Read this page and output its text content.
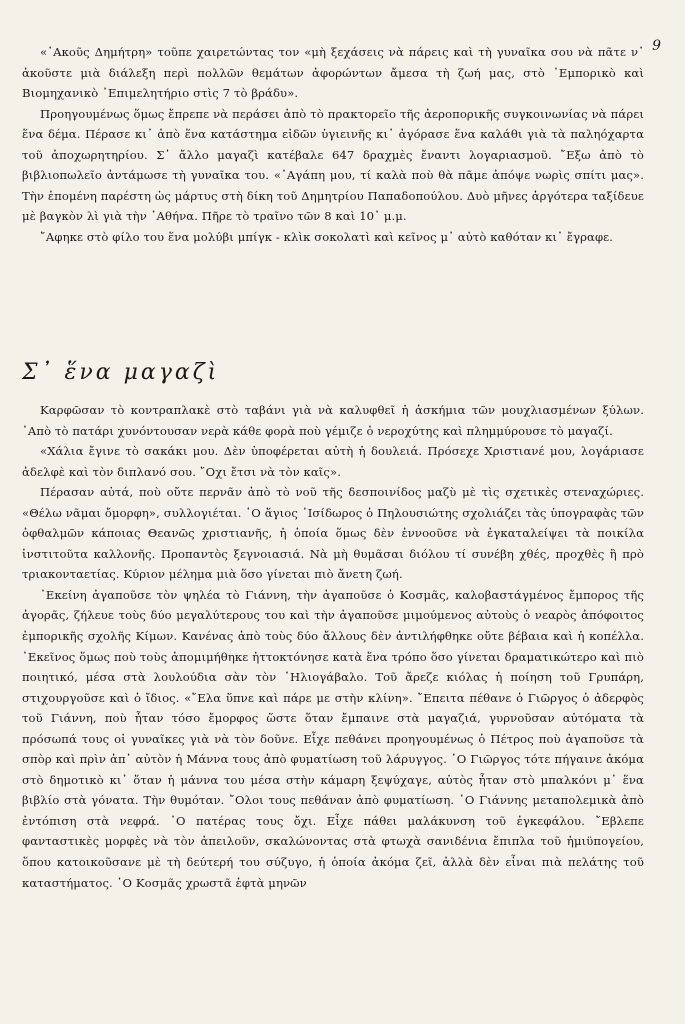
9

«῾Ακοῦς Δημήτρη» τοῦπε χαιρετώντας τον «μὴ ξεχάσεις νὰ πάρεις καὶ τὴ γυναῖκα σου νὰ πᾶτε ν᾿ ἀκοῦστε μιὰ διάλεξη περὶ πολλῶν θεμάτων ἀφορώντων ἄμεσα τὴ ζωή μας, στὸ ᾿Εμπορικὸ καὶ Βιομηχανικὸ ᾿Επιμελητήριο στὶς 7 τὸ βράδυ».

Προηγουμένως ὅμως ἔπρεπε νὰ περάσει ἀπὸ τὸ πρακτορεῖο τῆς ἀεροπορικῆς συγκοινωνίας νὰ πάρει ἕνα δέμα. Πέρασε κι᾿ ἀπὸ ἕνα κατάστημα εἰδῶν ὑγιεινῆς κι᾿ ἀγόρασε ἕνα καλάθι γιὰ τὰ παληόχαρτα τοῦ ἀποχωρητηρίου. Σ᾿ ἄλλο μαγαζὶ κατέβαλε 647 δραχμὲς ἔναντι λογαριασμοῦ. ῎Εξω ἀπὸ τὸ βιβλιοπωλεῖο ἀντάμωσε τὴ γυναῖκα του. «᾿Αγάπη μου, τί καλὰ ποὺ θὰ πᾶμε ἀπόψε νωρὶς σπίτι μας». Τὴν ἑπομένη παρέστη ὡς μάρτυς στὴ δίκη τοῦ Δημητρίου Παπαδοπούλου. Δυὸ μῆνες ἀργότερα ταξίδευε μὲ βαγκὸν λὶ γιὰ τὴν ᾿Αθήνα. Πῆρε τὸ τραῖνο τῶν 8 καὶ 10᾿ μ.μ.

῎Αφηκε στὸ φίλο του ἕνα μολύβι μπίγκ - κλὶκ σοκολατὶ καὶ κεῖνος μ᾿ αὐτὸ καθόταν κι᾿ ἔγραφε.

Σ᾿ ἕνα μαγαζὶ

Καρφῶσαν τὸ κοντραπλακὲ στὸ ταβάνι γιὰ νὰ καλυφθεῖ ἡ ἀσκήμια τῶν μουχλιασμένων ξύλων. ᾿Απὸ τὸ πατάρι χυνόντουσαν νερὰ κάθε φορὰ ποὺ γέμιζε ὁ νεροχύτης καὶ πλημμύρουσε τὸ μαγαζί.

«Χάλια ἔγινε τὸ σακάκι μου. Δὲν ὑποφέρεται αὐτὴ ἡ δουλειά. Πρόσεχε Χριστιανέ μου, λογάριασε ἀδελφὲ καὶ τὸν διπλανό σου. ῎Οχι ἔτσι νὰ τὸν καῖς».

Πέρασαν αὐτά, ποὺ οὔτε περνᾶν ἀπὸ τὸ νοῦ τῆς δεσποινίδος μαζὺ μὲ τὶς σχετικὲς στεναχώριες. «Θέλω νᾶμαι ὄμορφη», συλλογιέται. ῾Ο ἅγιος ᾿Ισίδωρος ὁ Πηλουσιώτης σχολιάζει τὰς ὑπογραφὰς τῶν ὀφθαλμῶν κάποιας Θεανῶς χριστιανῆς, ἡ ὁποία ὅμως δὲν ἐννοοῦσε νὰ ἐγκαταλείψει τὰ ποικίλα ἰνστιτοῦτα καλλονῆς. Προπαντὸς ξεγνοιασιά. Νὰ μὴ θυμᾶσαι διόλου τί συνέβη χθές, προχθὲς ἢ πρὸ τριακονταετίας. Κύριον μέλημα μιὰ ὅσο γίνεται πιὸ ἄνετη ζωή.

᾿Εκείνη ἀγαποῦσε τὸν ψηλέα τὸ Γιάννη, τὴν ἀγαποῦσε ὁ Κοσμᾶς, καλοβαστάγμένος ἔμπορος τῆς ἀγορᾶς, ζήλευε τοὺς δύο μεγαλύτερους του καὶ τὴν ἀγαποῦσε μιμούμενος αὐτοὺς ὁ νεαρὸς ἀπόφοιτος ἐμπορικῆς σχολῆς Κίμων. Κανένας ἀπὸ τοὺς δύο ἄλλους δὲν ἀντιλήφθηκε οὔτε βέβαια καὶ ἡ κοπέλλα. ᾿Εκεῖνος ὅμως ποὺ τοὺς ἀπομιμήθηκε ἠττοκτόνησε κατὰ ἕνα τρόπο ὅσο γίνεται δραματικώτερο καὶ πιὸ ποιητικό, μέσα στὰ λουλούδια σὰν τὸν ῾Ηλιογάβαλο. Τοῦ ἄρεζε κιόλας ἡ ποίηση τοῦ Γρυπάρη, στιχουργοῦσε καὶ ὁ ἴδιος. «῎Ελα ὕπνε καὶ πάρε με στὴν κλίνη». ῎Επειτα πέθανε ὁ Γιῶργος ὁ ἀδερφὸς τοῦ Γιάννη, ποὺ ἦταν τόσο ἔμορφος ὥστε ὅταν ἔμπαινε στὰ μαγαζιά, γυρνοῦσαν αὐτόματα τὰ πρόσωπά τους οἱ γυναῖκες γιὰ νὰ τὸν δοῦνε. Εἶχε πεθάνει προηγουμένως ὁ Πέτρος ποὺ ἀγαποῦσε τὰ σπὸρ καὶ πρὶν ἀπ᾿ αὐτὸν ἡ Μάννα τους ἀπὸ φυματίωση τοῦ λάρυγγος. ῾Ο Γιῶργος τότε πήγαινε ἀκόμα στὸ δημοτικὸ κι᾿ ὅταν ἡ μάννα του μέσα στὴν κάμαρη ξεψύχαγε, αὐτὸς ἦταν στὸ μπαλκόνι μ᾿ ἕνα βιβλίο στὰ γόνατα. Τὴν θυμόταν. ῎Ολοι τους πεθάναν ἀπὸ φυματίωση. ῾Ο Γιάννης μεταπολεμικὰ ἀπὸ ἐντόπιση στὰ νεφρά. ῾Ο πατέρας τους ὄχι. Εἶχε πάθει μαλάκυνση τοῦ ἐγκεφάλου. ῎Εβλεπε φανταστικὲς μορφὲς νὰ τὸν ἀπειλοῦν, σκαλώνοντας στὰ φτωχὰ σανιδένια ἔπιπλα τοῦ ἡμιϋπογείου, ὅπου κατοικοῦσανε μὲ τὴ δεύτερή του σύζυγο, ἡ ὁποία ἀκόμα ζεῖ, ἀλλὰ δὲν εἶναι πιὰ πελάτης τοῦ καταστήματος. ῾Ο Κοσμᾶς χρωστᾶ ἑφτὰ μηνῶν
